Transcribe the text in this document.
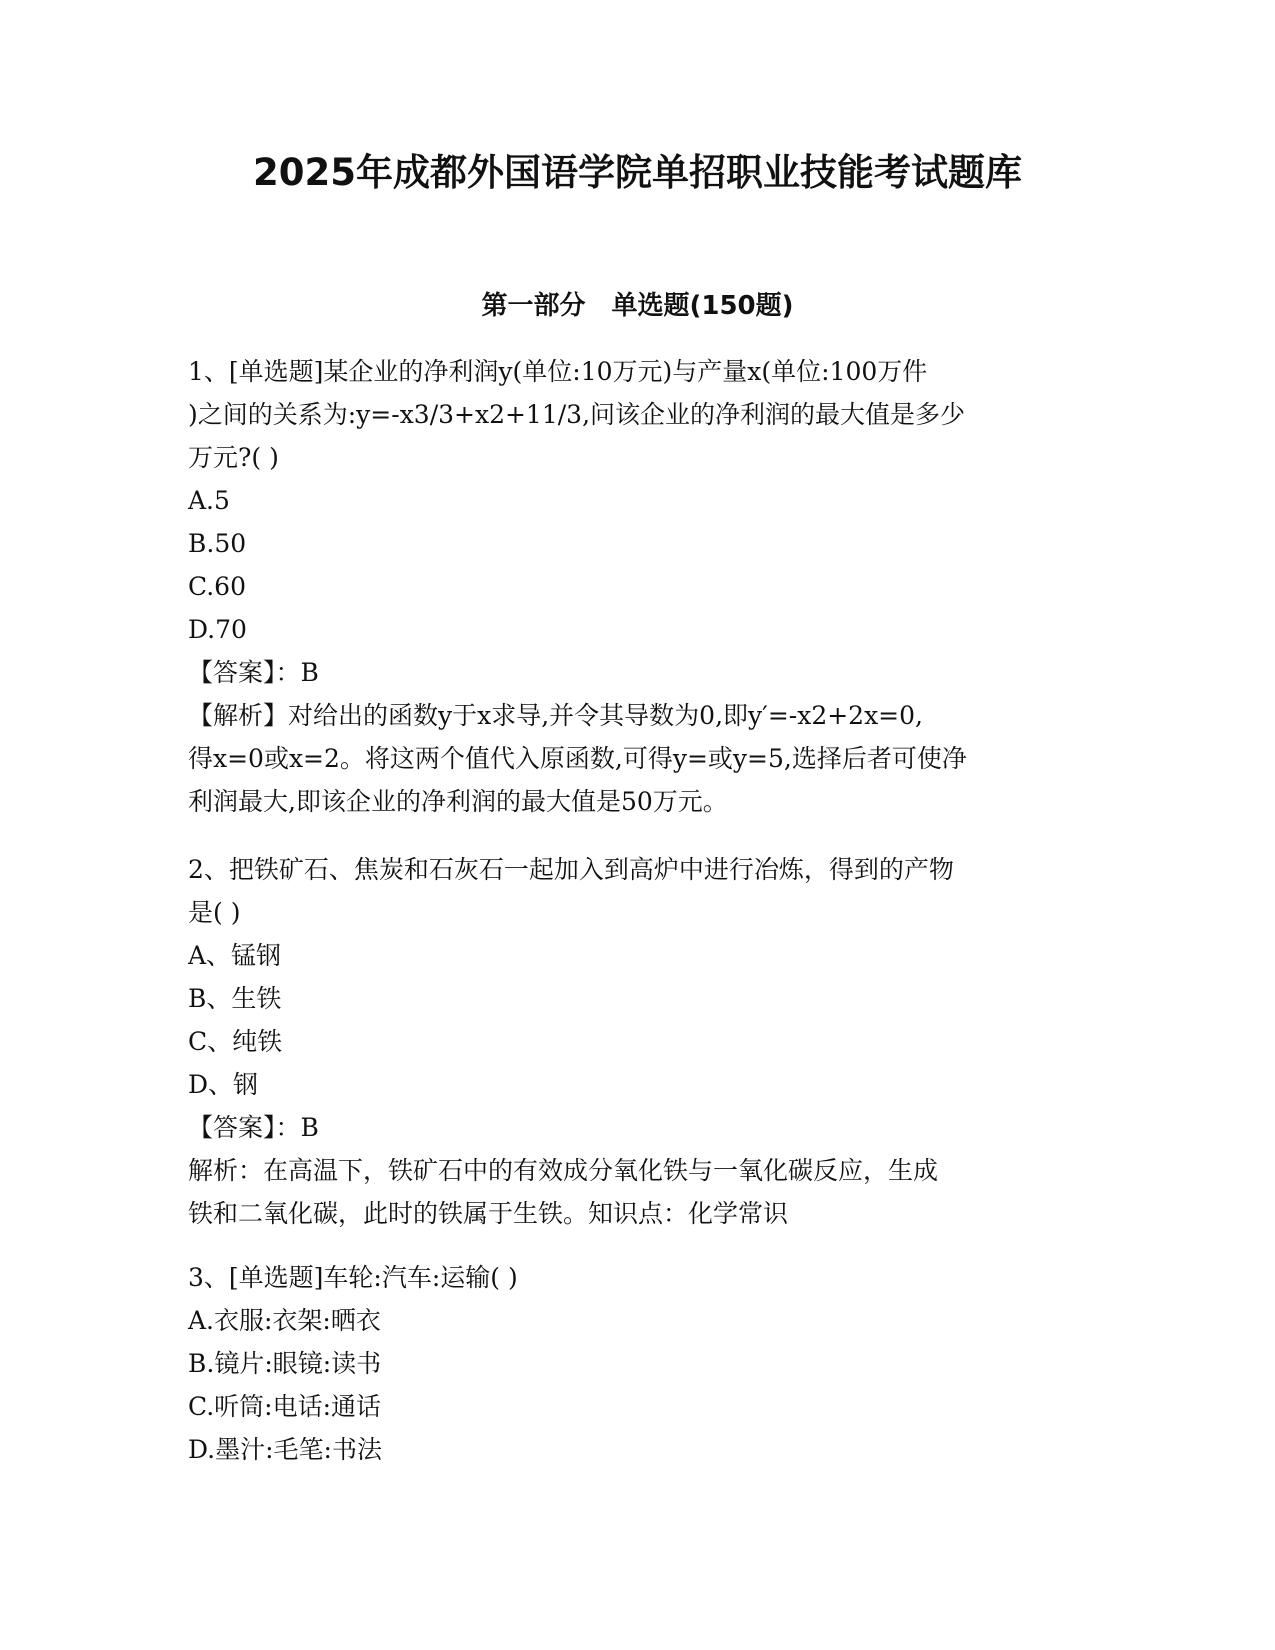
2025年成都外国语学院单招职业技能考试题库
第一部分　单选题(150题)
1、[单选题]某企业的净利润y(单位:10万元)与产量x(单位:100万件
)之间的关系为:y=-x3/3+x2+11/3,问该企业的净利润的最大值是多少
万元?( )
A.5
B.50
C.60
D.70
【答案】：B
【解析】对给出的函数y于x求导,并令其导数为0,即y′=-x2+2x=0,
得x=0或x=2。将这两个值代入原函数,可得y=或y=5,选择后者可使净
利润最大,即该企业的净利润的最大值是50万元。
2、把铁矿石、焦炭和石灰石一起加入到高炉中进行冶炼，得到的产物
是( )
A、锰钢
B、生铁
C、纯铁
D、钢
【答案】：B
解析：在高温下，铁矿石中的有效成分氧化铁与一氧化碳反应，生成
铁和二氧化碳，此时的铁属于生铁。知识点：化学常识
3、[单选题]车轮:汽车:运输( )
A.衣服:衣架:晒衣
B.镜片:眼镜:读书
C.听筒:电话:通话
D.墨汁:毛笔:书法
